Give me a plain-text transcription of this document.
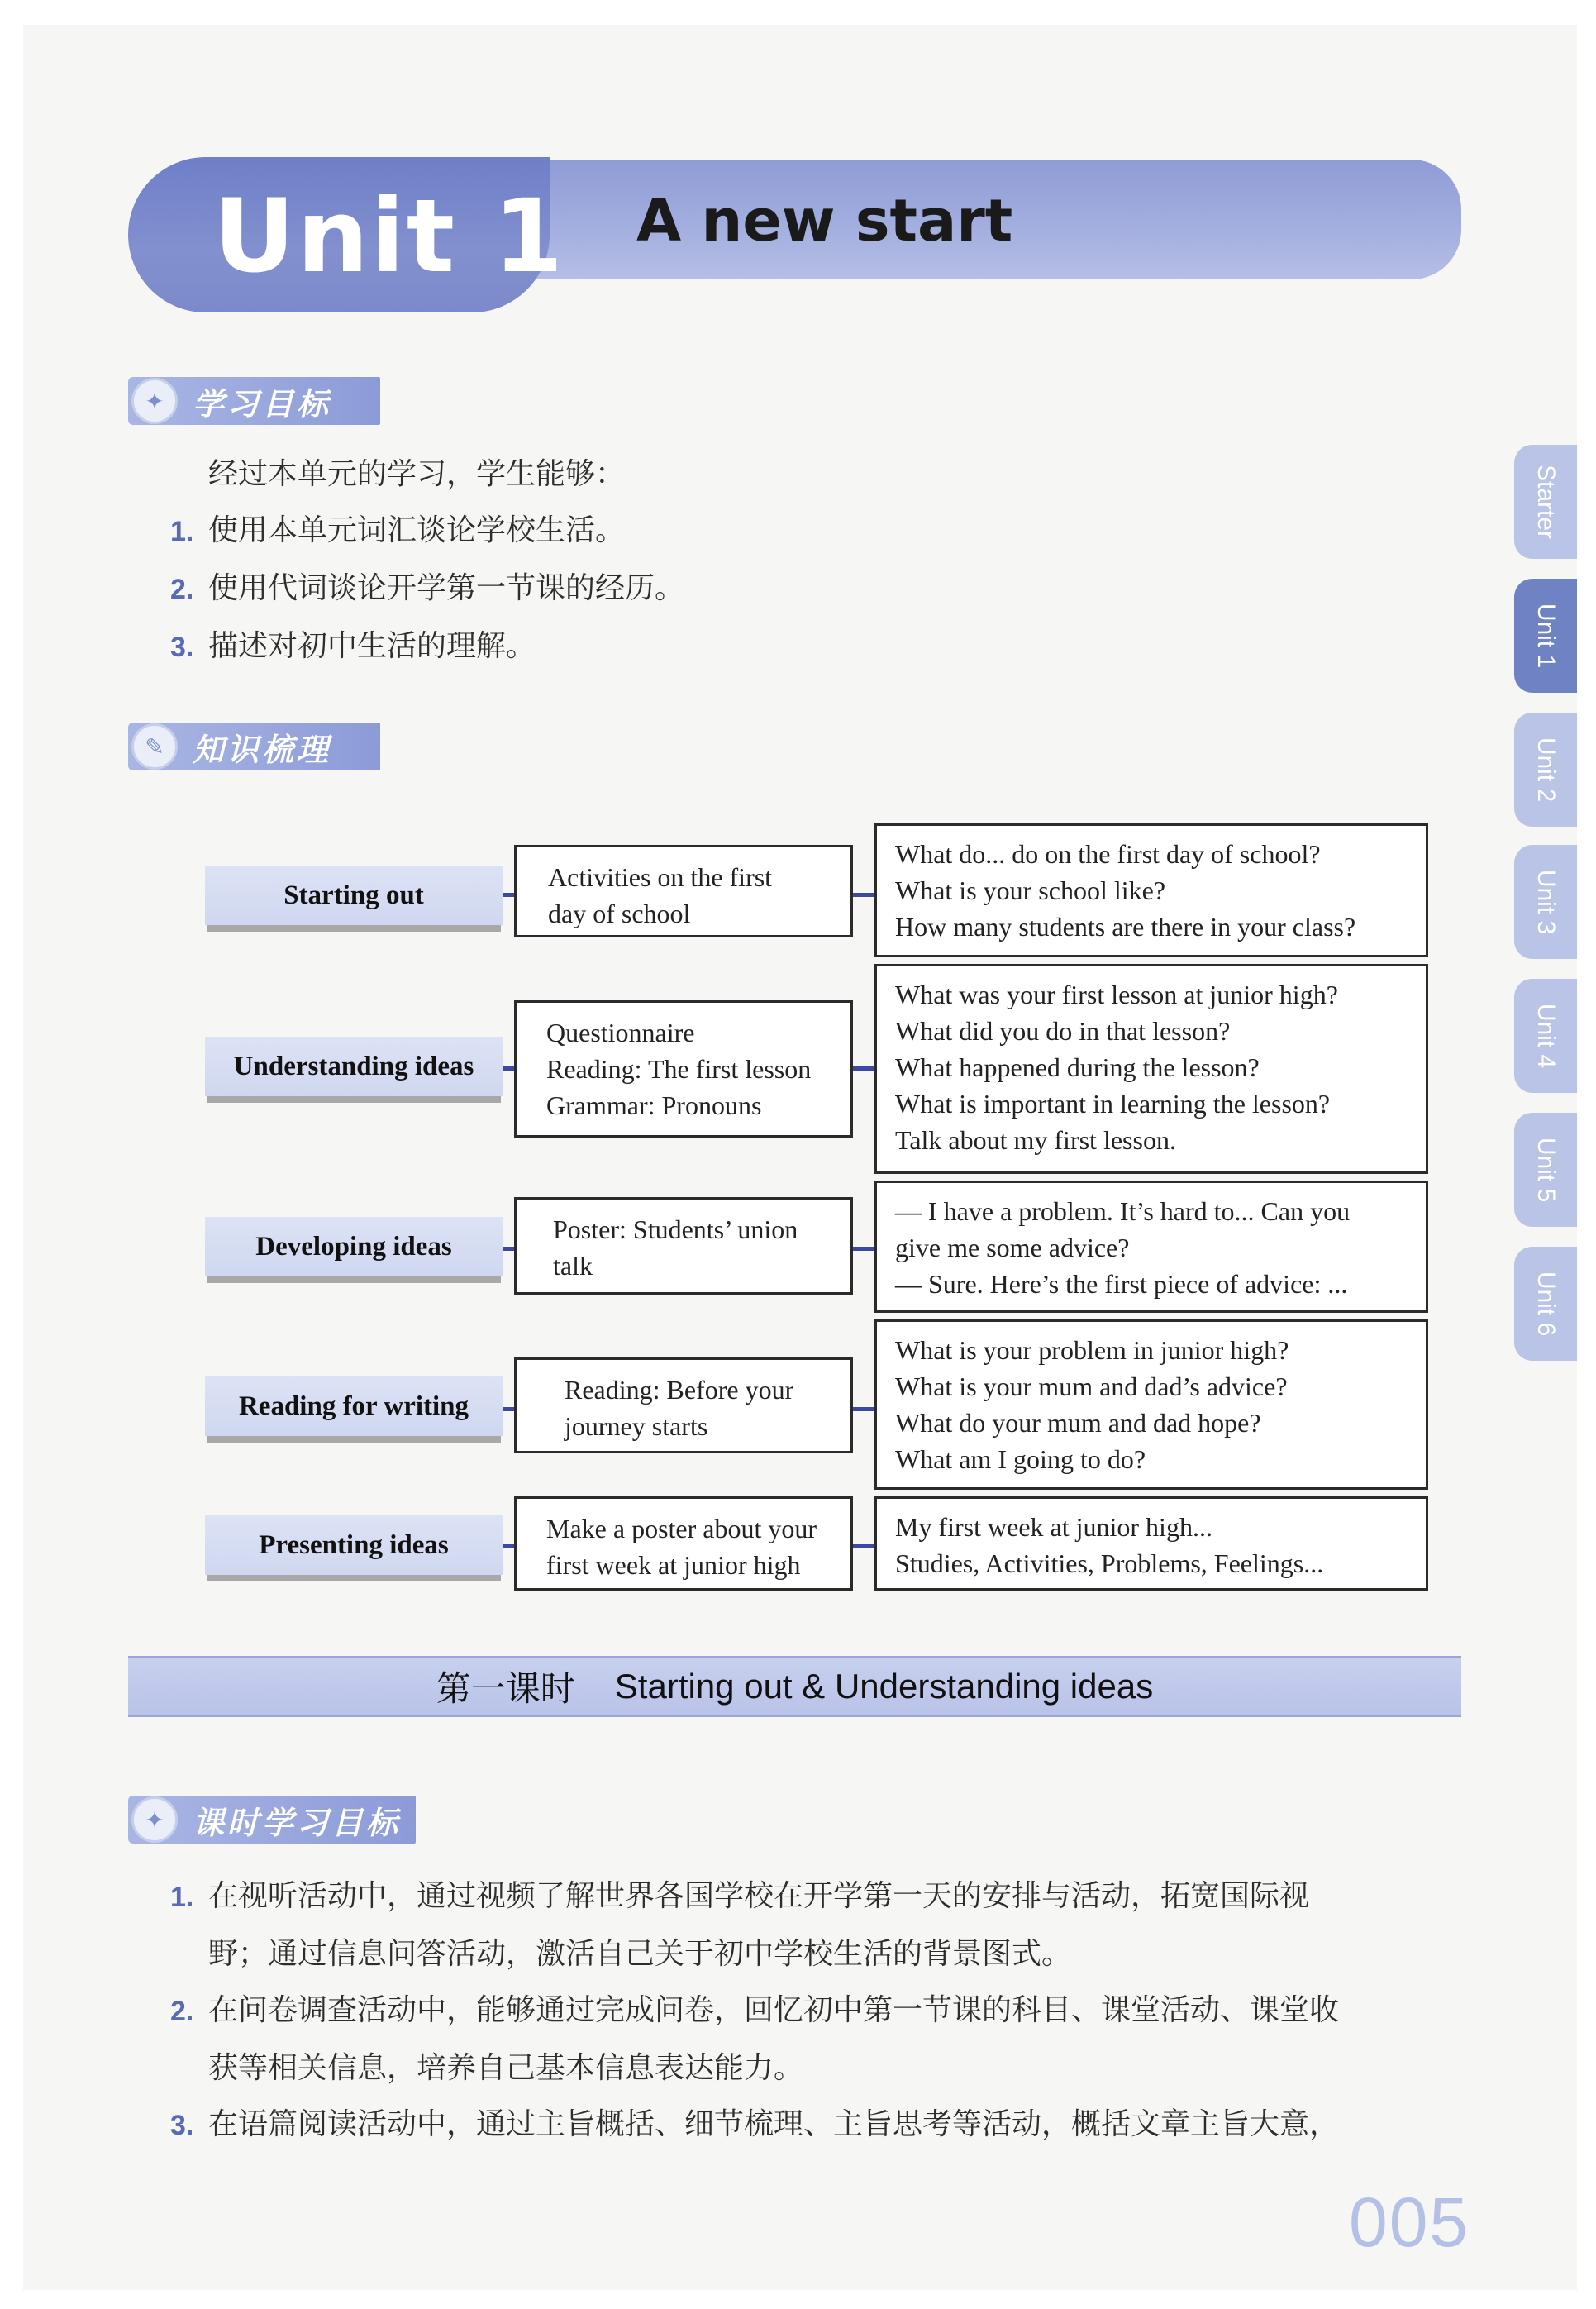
Unit 1 A new start
Starter
Unit 1
Unit 2
Unit 3
Unit 4
Unit 5
Unit 6
✦ 学习目标
经过本单元的学习，学生能够：
1. 使用本单元词汇谈论学校生活。
2. 使用代词谈论开学第一节课的经历。
3. 描述对初中生活的理解。
✎ 知识梳理
Starting out
Activities on the first
day of school
What do... do on the first day of school?
What is your school like?
How many students are there in your class?
Understanding ideas
Questionnaire
Reading: The first lesson
Grammar: Pronouns
What was your first lesson at junior high?
What did you do in that lesson?
What happened during the lesson?
What is important in learning the lesson?
Talk about my first lesson.
Developing ideas
Poster: Students’ union
talk
— I have a problem. It’s hard to... Can you
give me some advice?
— Sure. Here’s the first piece of advice: ...
Reading for writing
Reading: Before your
journey starts
What is your problem in junior high?
What is your mum and dad’s advice?
What do your mum and dad hope?
What am I going to do?
Presenting ideas
Make a poster about your
first week at junior high
My first week at junior high...
Studies, Activities, Problems, Feelings...
第一课时 Starting out & Understanding ideas
✦ 课时学习目标
1. 在视听活动中，通过视频了解世界各国学校在开学第一天的安排与活动，拓宽国际视
野；通过信息问答活动，激活自己关于初中学校生活的背景图式。
2. 在问卷调查活动中，能够通过完成问卷，回忆初中第一节课的科目、课堂活动、课堂收
获等相关信息，培养自己基本信息表达能力。
3. 在语篇阅读活动中，通过主旨概括、细节梳理、主旨思考等活动，概括文章主旨大意，
005
